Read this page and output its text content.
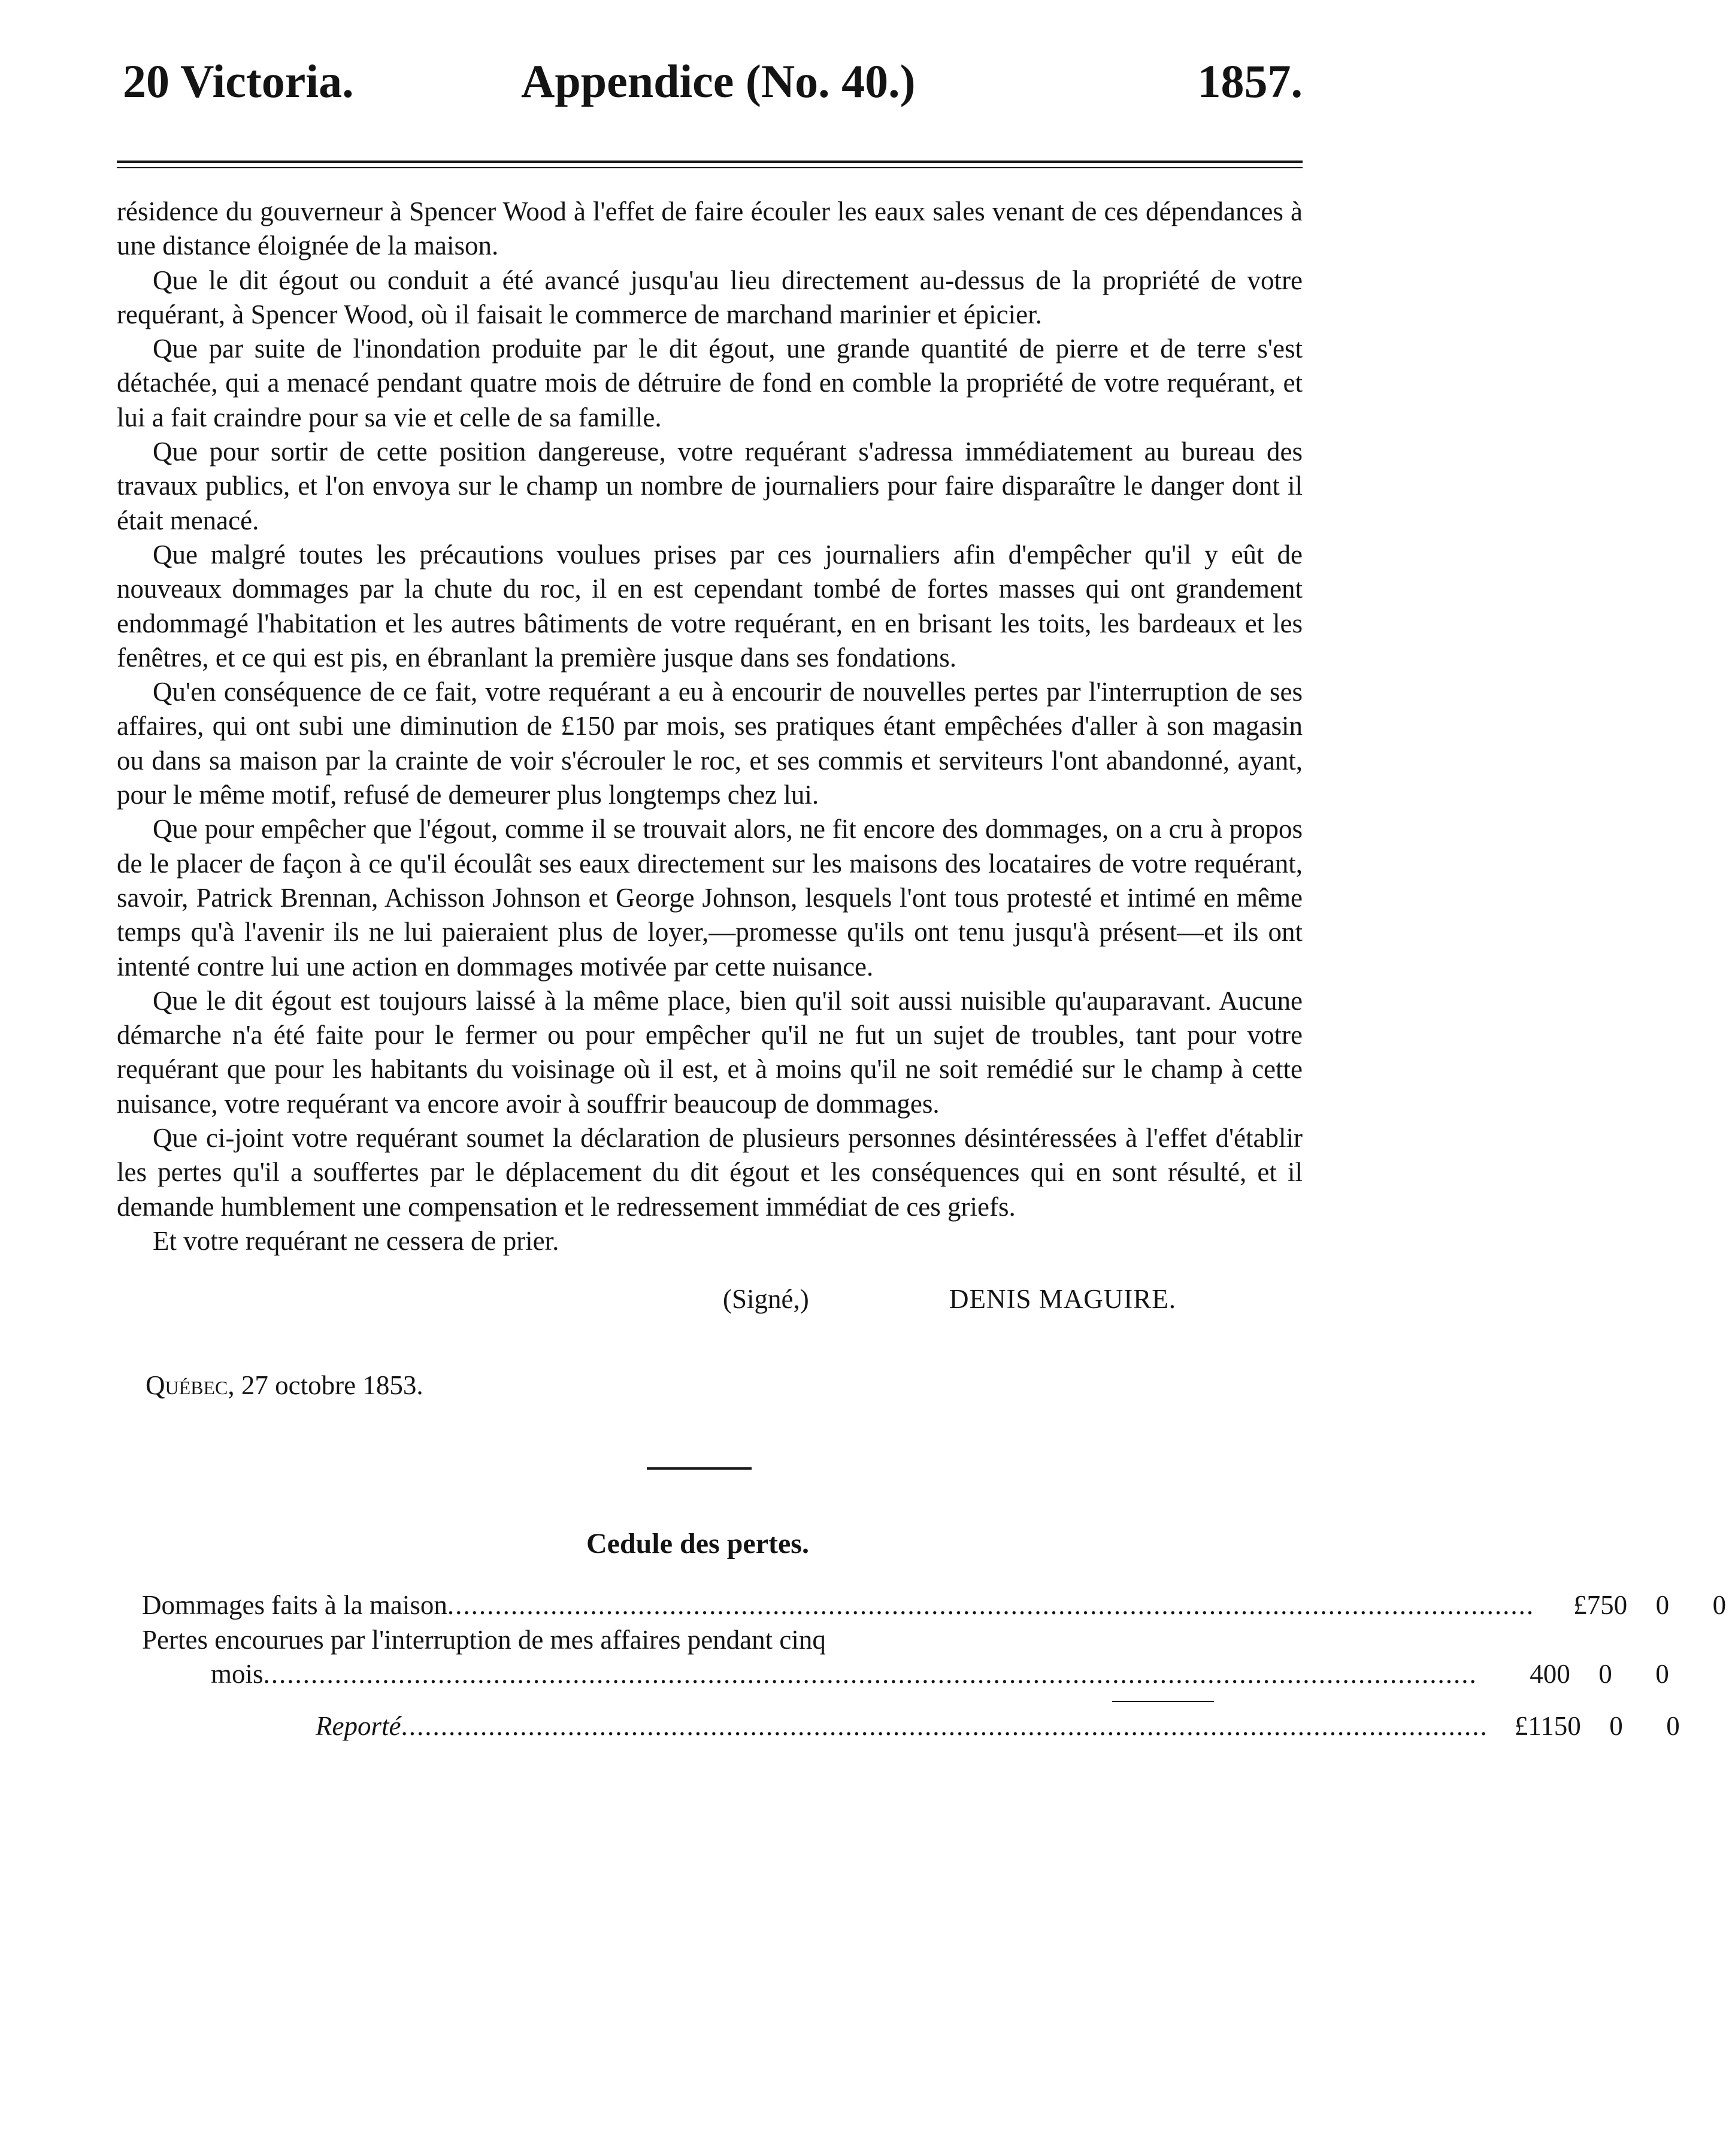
20 Victoria.	Appendice (No. 40.)	1857.

résidence du gouverneur à Spencer Wood à l'effet de faire écouler les eaux sales venant de ces dépendances à une distance éloignée de la maison.

Que le dit égout ou conduit a été avancé jusqu'au lieu directement au-dessus de la propriété de votre requérant, à Spencer Wood, où il faisait le commerce de marchand marinier et épicier.

Que par suite de l'inondation produite par le dit égout, une grande quantité de pierre et de terre s'est détachée, qui a menacé pendant quatre mois de détruire de fond en comble la propriété de votre requérant, et lui a fait craindre pour sa vie et celle de sa famille.

Que pour sortir de cette position dangereuse, votre requérant s'adressa immédiatement au bureau des travaux publics, et l'on envoya sur le champ un nombre de journaliers pour faire disparaître le danger dont il était menacé.

Que malgré toutes les précautions voulues prises par ces journaliers afin d'empêcher qu'il y eût de nouveaux dommages par la chute du roc, il en est cependant tombé de fortes masses qui ont grandement endommagé l'habitation et les autres bâtiments de votre requérant, en en brisant les toits, les bardeaux et les fenêtres, et ce qui est pis, en ébranlant la première jusque dans ses fondations.

Qu'en conséquence de ce fait, votre requérant a eu à encourir de nouvelles pertes par l'interruption de ses affaires, qui ont subi une diminution de £150 par mois, ses pratiques étant empêchées d'aller à son magasin ou dans sa maison par la crainte de voir s'écrouler le roc, et ses commis et serviteurs l'ont abandonné, ayant, pour le même motif, refusé de demeurer plus longtemps chez lui.

Que pour empêcher que l'égout, comme il se trouvait alors, ne fit encore des dommages, on a cru à propos de le placer de façon à ce qu'il écoulât ses eaux directement sur les maisons des locataires de votre requérant, savoir, Patrick Brennan, Achisson Johnson et George Johnson, lesquels l'ont tous protesté et intimé en même temps qu'à l'avenir ils ne lui paieraient plus de loyer,—promesse qu'ils ont tenu jusqu'à présent—et ils ont intenté contre lui une action en dommages motivée par cette nuisance.

Que le dit égout est toujours laissé à la même place, bien qu'il soit aussi nuisible qu'auparavant. Aucune démarche n'a été faite pour le fermer ou pour empêcher qu'il ne fut un sujet de troubles, tant pour votre requérant que pour les habitants du voisinage où il est, et à moins qu'il ne soit remédié sur le champ à cette nuisance, votre requérant va encore avoir à souffrir beaucoup de dommages.

Que ci-joint votre requérant soumet la déclaration de plusieurs personnes désintéressées à l'effet d'établir les pertes qu'il a souffertes par le déplacement du dit égout et les conséquences qui en sont résulté, et il demande humblement une compensation et le redressement immédiat de ces griefs.

Et votre requérant ne cessera de prier.

(Signé,)	DENIS MAGUIRE.
Québec, 27 octobre 1853.
Cedule des pertes.
Dommages faits à la maison .........................................................................................................................................	£750	0	0
Pertes encourues par l'interruption de mes affaires pendant cinq
mois .........................................................................................................................................................	400	0	0
Reporté ......................................................................................................................................... £1150	0	0
